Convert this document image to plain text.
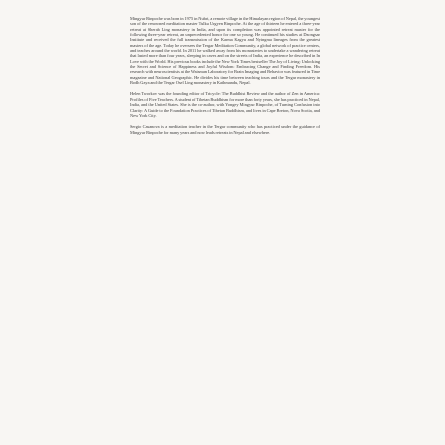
Mingyur Rinpoche was born in 1975 in Nubri, a remote village in the Himalayan region of Nepal, the youngest son of the renowned meditation master Tulku Urgyen Rinpoche. At the age of thirteen he entered a three-year retreat at Sherab Ling monastery in India, and upon its completion was appointed retreat master for the following three-year retreat, an unprecedented honor for one so young. He continued his studies at Dzongsar Institute and received the full transmission of the Karma Kagyu and Nyingma lineages from the greatest masters of the age. Today he oversees the Tergar Meditation Community, a global network of practice centers, and teaches around the world. In 2011 he walked away from his monasteries to undertake a wandering retreat that lasted more than four years, sleeping in caves and on the streets of India, an experience he described in In Love with the World. His previous books include the New York Times bestseller The Joy of Living: Unlocking the Secret and Science of Happiness and Joyful Wisdom: Embracing Change and Finding Freedom. His research with neuroscientists at the Waisman Laboratory for Brain Imaging and Behavior was featured in Time magazine and National Geographic. He divides his time between teaching tours and the Tergar monastery in Bodh Gaya and the Tergar Osel Ling monastery in Kathmandu, Nepal.

Helen Tworkov was the founding editor of Tricycle: The Buddhist Review and the author of Zen in America: Profiles of Five Teachers. A student of Tibetan Buddhism for more than forty years, she has practiced in Nepal, India, and the United States. She is the co-author, with Yongey Mingyur Rinpoche, of Turning Confusion into Clarity: A Guide to the Foundation Practices of Tibetan Buddhism, and lives in Cape Breton, Nova Scotia, and New York City.

Sergio Casanova is a meditation teacher in the Tergar community who has practiced under the guidance of Mingyur Rinpoche for many years and now leads retreats in Nepal and elsewhere.
